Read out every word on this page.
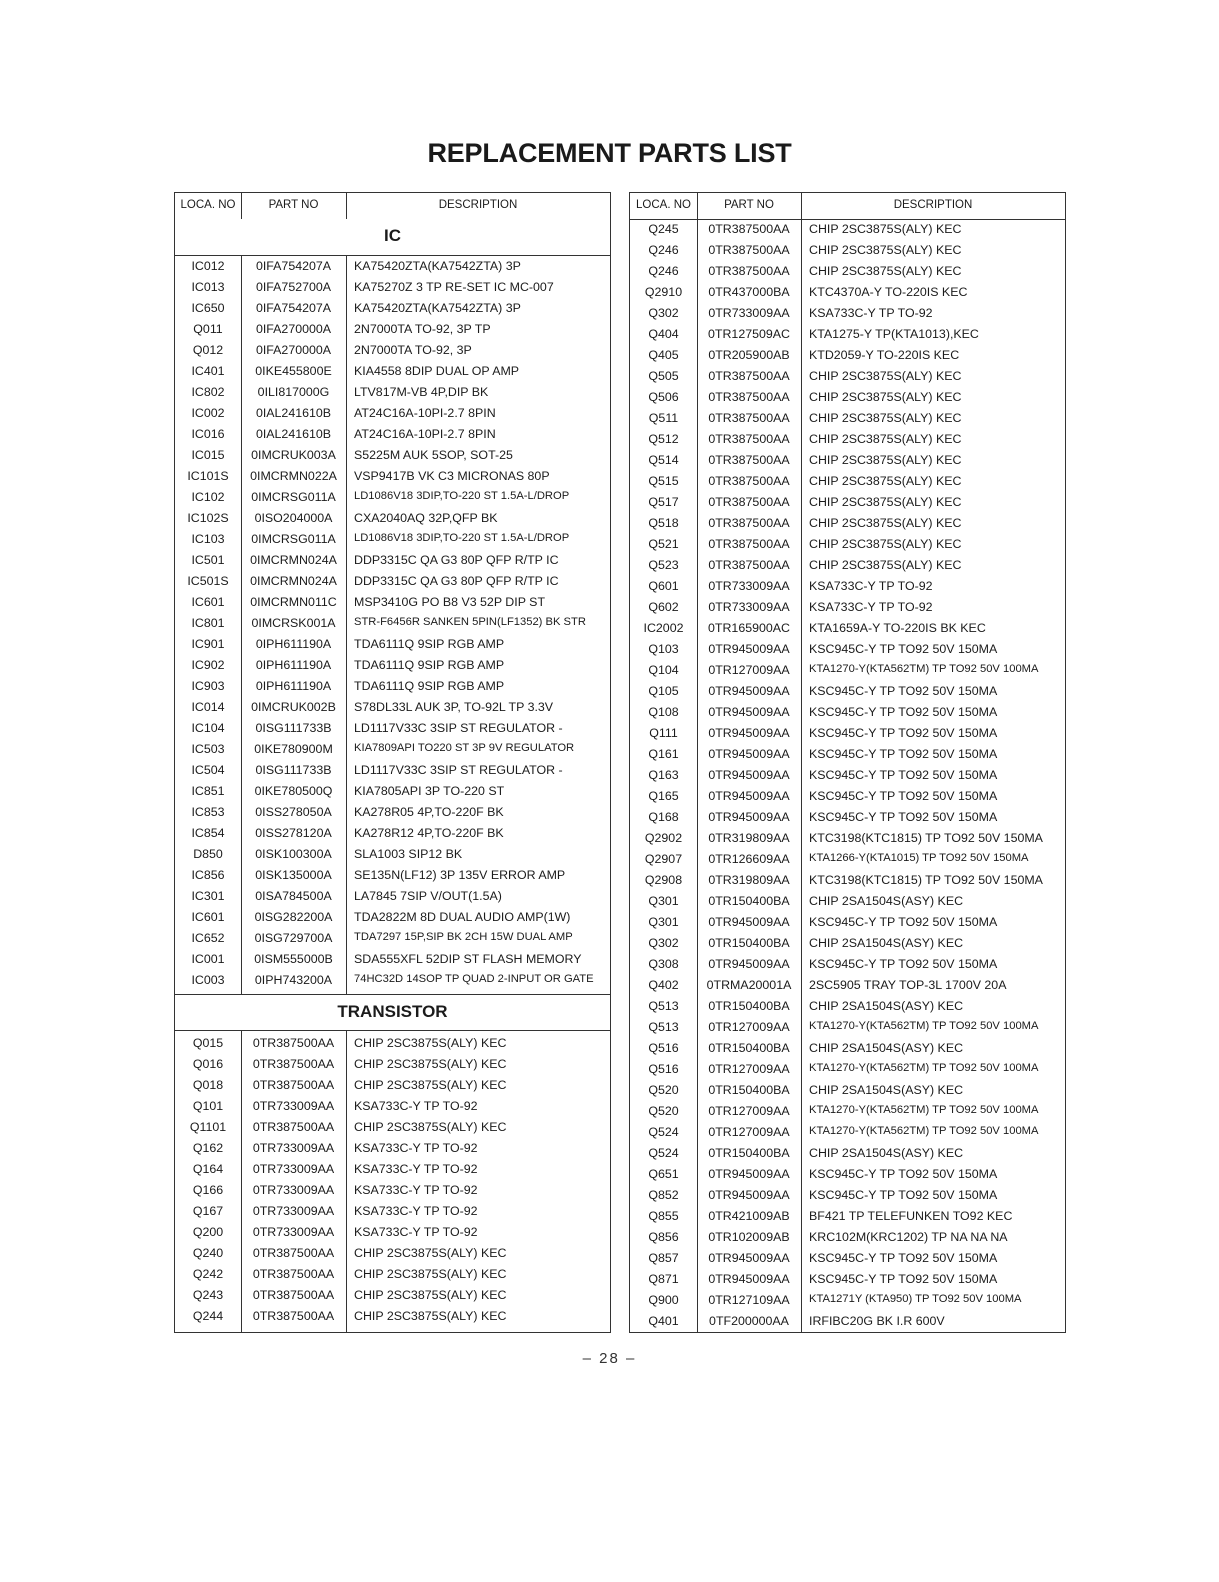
REPLACEMENT PARTS LIST
LOCA. NO	PART NO	DESCRIPTION
IC
IC012	0IFA754207A	KA75420ZTA(KA7542ZTA) 3P
IC013	0IFA752700A	KA75270Z 3 TP RE-SET IC MC-007
IC650	0IFA754207A	KA75420ZTA(KA7542ZTA) 3P
Q011	0IFA270000A	2N7000TA TO-92, 3P TP
Q012	0IFA270000A	2N7000TA TO-92, 3P
IC401	0IKE455800E	KIA4558 8DIP DUAL OP AMP
IC802	0ILI817000G	LTV817M-VB 4P,DIP BK
IC002	0IAL241610B	AT24C16A-10PI-2.7 8PIN
IC016	0IAL241610B	AT24C16A-10PI-2.7 8PIN
IC015	0IMCRUK003A	S5225M AUK 5SOP, SOT-25
IC101S	0IMCRMN022A	VSP9417B VK C3 MICRONAS 80P
IC102	0IMCRSG011A	LD1086V18 3DIP,TO-220 ST 1.5A-L/DROP
IC102S	0ISO204000A	CXA2040AQ 32P,QFP BK
IC103	0IMCRSG011A	LD1086V18 3DIP,TO-220 ST 1.5A-L/DROP
IC501	0IMCRMN024A	DDP3315C QA G3 80P QFP R/TP IC
IC501S	0IMCRMN024A	DDP3315C QA G3 80P QFP R/TP IC
IC601	0IMCRMN011C	MSP3410G PO B8 V3 52P DIP ST
IC801	0IMCRSK001A	STR-F6456R SANKEN 5PIN(LF1352) BK STR
IC901	0IPH611190A	TDA6111Q 9SIP RGB AMP
IC902	0IPH611190A	TDA6111Q 9SIP RGB AMP
IC903	0IPH611190A	TDA6111Q 9SIP RGB AMP
IC014	0IMCRUK002B	S78DL33L AUK 3P, TO-92L TP 3.3V
IC104	0ISG111733B	LD1117V33C 3SIP ST REGULATOR -
IC503	0IKE780900M	KIA7809API TO220 ST 3P 9V REGULATOR
IC504	0ISG111733B	LD1117V33C 3SIP ST REGULATOR -
IC851	0IKE780500Q	KIA7805API 3P TO-220 ST
IC853	0ISS278050A	KA278R05 4P,TO-220F BK
IC854	0ISS278120A	KA278R12 4P,TO-220F BK
D850	0ISK100300A	SLA1003 SIP12 BK
IC856	0ISK135000A	SE135N(LF12) 3P 135V ERROR AMP
IC301	0ISA784500A	LA7845 7SIP V/OUT(1.5A)
IC601	0ISG282200A	TDA2822M 8D DUAL AUDIO AMP(1W)
IC652	0ISG729700A	TDA7297 15P,SIP BK 2CH 15W DUAL AMP
IC001	0ISM555000B	SDA555XFL 52DIP ST FLASH MEMORY
IC003	0IPH743200A	74HC32D 14SOP TP QUAD 2-INPUT OR GATE
TRANSISTOR
Q015	0TR387500AA	CHIP 2SC3875S(ALY) KEC
Q016	0TR387500AA	CHIP 2SC3875S(ALY) KEC
Q018	0TR387500AA	CHIP 2SC3875S(ALY) KEC
Q101	0TR733009AA	KSA733C-Y TP TO-92
Q1101	0TR387500AA	CHIP 2SC3875S(ALY) KEC
Q162	0TR733009AA	KSA733C-Y TP TO-92
Q164	0TR733009AA	KSA733C-Y TP TO-92
Q166	0TR733009AA	KSA733C-Y TP TO-92
Q167	0TR733009AA	KSA733C-Y TP TO-92
Q200	0TR733009AA	KSA733C-Y TP TO-92
Q240	0TR387500AA	CHIP 2SC3875S(ALY) KEC
Q242	0TR387500AA	CHIP 2SC3875S(ALY) KEC
Q243	0TR387500AA	CHIP 2SC3875S(ALY) KEC
Q244	0TR387500AA	CHIP 2SC3875S(ALY) KEC
LOCA. NO	PART NO	DESCRIPTION
Q245	0TR387500AA	CHIP 2SC3875S(ALY) KEC
Q246	0TR387500AA	CHIP 2SC3875S(ALY) KEC
Q246	0TR387500AA	CHIP 2SC3875S(ALY) KEC
Q2910	0TR437000BA	KTC4370A-Y TO-220IS KEC
Q302	0TR733009AA	KSA733C-Y TP TO-92
Q404	0TR127509AC	KTA1275-Y TP(KTA1013),KEC
Q405	0TR205900AB	KTD2059-Y TO-220IS KEC
Q505	0TR387500AA	CHIP 2SC3875S(ALY) KEC
Q506	0TR387500AA	CHIP 2SC3875S(ALY) KEC
Q511	0TR387500AA	CHIP 2SC3875S(ALY) KEC
Q512	0TR387500AA	CHIP 2SC3875S(ALY) KEC
Q514	0TR387500AA	CHIP 2SC3875S(ALY) KEC
Q515	0TR387500AA	CHIP 2SC3875S(ALY) KEC
Q517	0TR387500AA	CHIP 2SC3875S(ALY) KEC
Q518	0TR387500AA	CHIP 2SC3875S(ALY) KEC
Q521	0TR387500AA	CHIP 2SC3875S(ALY) KEC
Q523	0TR387500AA	CHIP 2SC3875S(ALY) KEC
Q601	0TR733009AA	KSA733C-Y TP TO-92
Q602	0TR733009AA	KSA733C-Y TP TO-92
IC2002	0TR165900AC	KTA1659A-Y TO-220IS BK KEC
Q103	0TR945009AA	KSC945C-Y TP TO92 50V 150MA
Q104	0TR127009AA	KTA1270-Y(KTA562TM) TP TO92 50V 100MA
Q105	0TR945009AA	KSC945C-Y TP TO92 50V 150MA
Q108	0TR945009AA	KSC945C-Y TP TO92 50V 150MA
Q111	0TR945009AA	KSC945C-Y TP TO92 50V 150MA
Q161	0TR945009AA	KSC945C-Y TP TO92 50V 150MA
Q163	0TR945009AA	KSC945C-Y TP TO92 50V 150MA
Q165	0TR945009AA	KSC945C-Y TP TO92 50V 150MA
Q168	0TR945009AA	KSC945C-Y TP TO92 50V 150MA
Q2902	0TR319809AA	KTC3198(KTC1815) TP TO92 50V 150MA
Q2907	0TR126609AA	KTA1266-Y(KTA1015) TP TO92 50V 150MA
Q2908	0TR319809AA	KTC3198(KTC1815) TP TO92 50V 150MA
Q301	0TR150400BA	CHIP 2SA1504S(ASY) KEC
Q301	0TR945009AA	KSC945C-Y TP TO92 50V 150MA
Q302	0TR150400BA	CHIP 2SA1504S(ASY) KEC
Q308	0TR945009AA	KSC945C-Y TP TO92 50V 150MA
Q402	0TRMA20001A	2SC5905 TRAY TOP-3L 1700V 20A
Q513	0TR150400BA	CHIP 2SA1504S(ASY) KEC
Q513	0TR127009AA	KTA1270-Y(KTA562TM) TP TO92 50V 100MA
Q516	0TR150400BA	CHIP 2SA1504S(ASY) KEC
Q516	0TR127009AA	KTA1270-Y(KTA562TM) TP TO92 50V 100MA
Q520	0TR150400BA	CHIP 2SA1504S(ASY) KEC
Q520	0TR127009AA	KTA1270-Y(KTA562TM) TP TO92 50V 100MA
Q524	0TR127009AA	KTA1270-Y(KTA562TM) TP TO92 50V 100MA
Q524	0TR150400BA	CHIP 2SA1504S(ASY) KEC
Q651	0TR945009AA	KSC945C-Y TP TO92 50V 150MA
Q852	0TR945009AA	KSC945C-Y TP TO92 50V 150MA
Q855	0TR421009AB	BF421 TP TELEFUNKEN TO92 KEC
Q856	0TR102009AB	KRC102M(KRC1202) TP NA NA NA
Q857	0TR945009AA	KSC945C-Y TP TO92 50V 150MA
Q871	0TR945009AA	KSC945C-Y TP TO92 50V 150MA
Q900	0TR127109AA	KTA1271Y (KTA950) TP TO92 50V 100MA
Q401	0TF200000AA	IRFIBC20G BK I.R 600V
– 28 –
